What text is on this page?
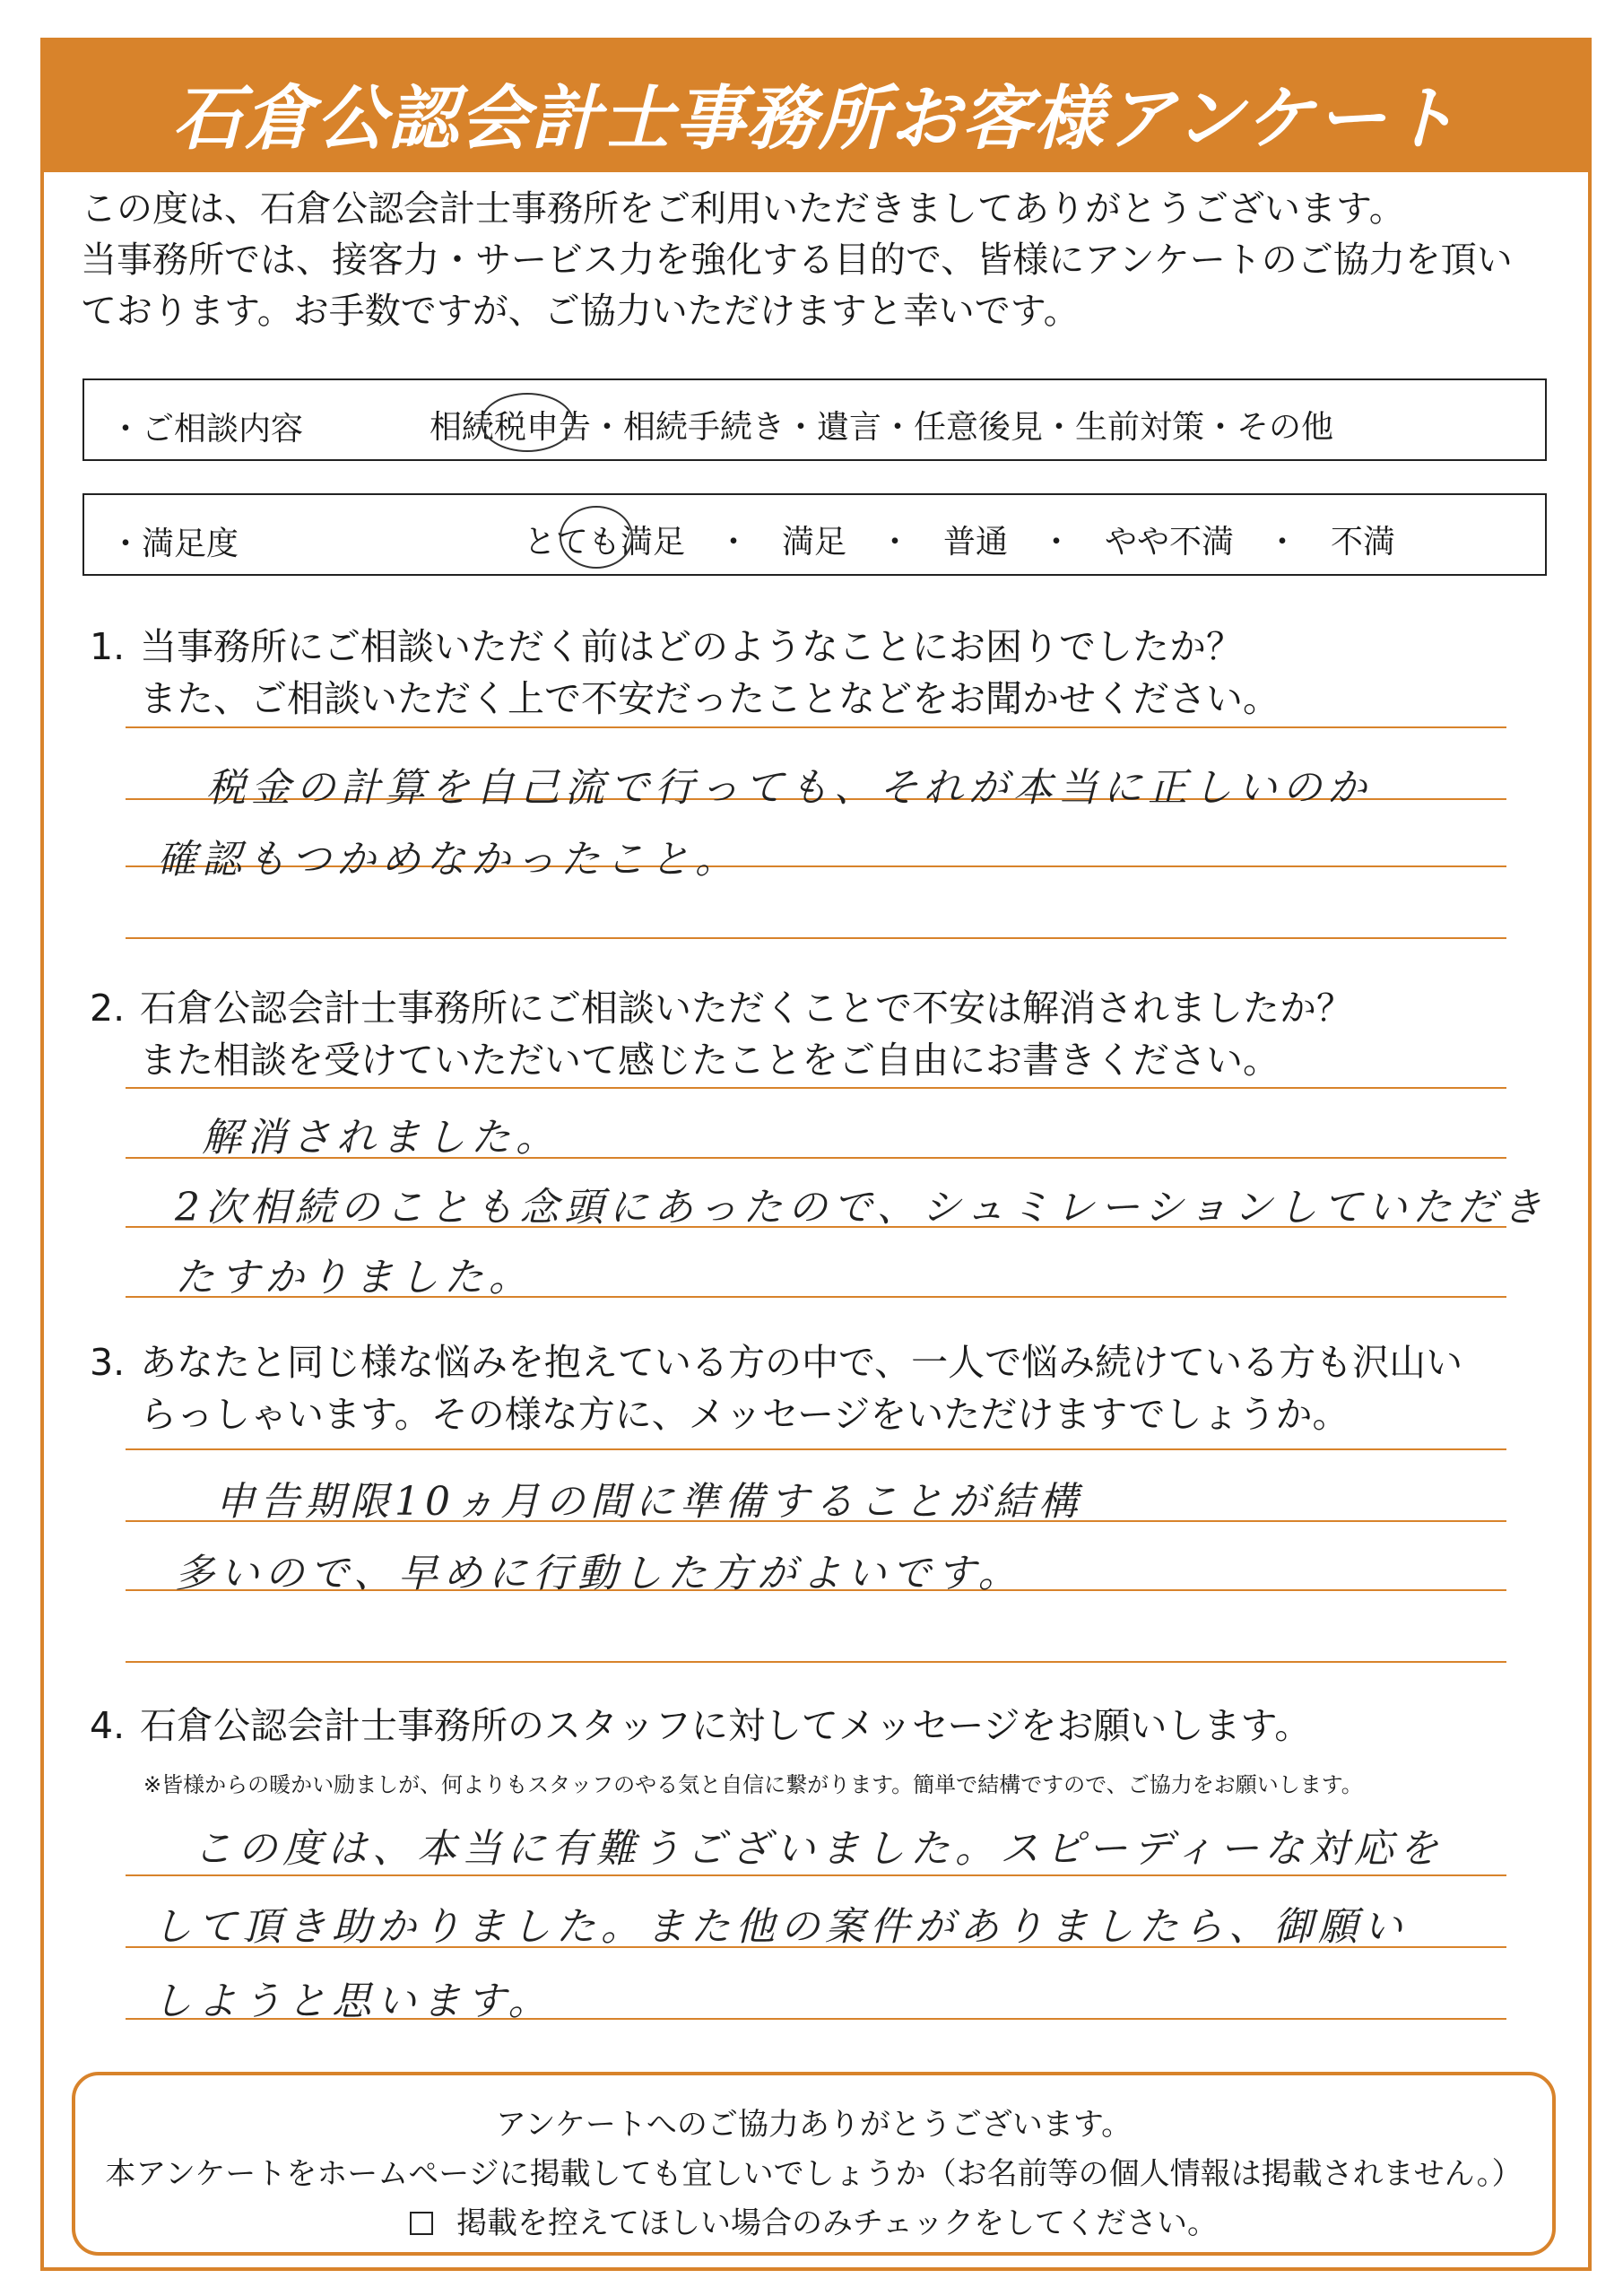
石倉公認会計士事務所お客様アンケート
この度は、石倉公認会計士事務所をご利用いただきましてありがとうございます。
当事務所では、接客力・サービス力を強化する目的で、皆様にアンケートのご協力を頂い
ております。お手数ですが、ご協力いただけますと幸いです。
・ご相談内容	相続税申告・相続手続き・遺言・任意後見・生前対策・その他
・満足度	とても満足　・　満足　・　普通　・　やや不満　・　不満
1. 当事務所にご相談いただく前はどのようなことにお困りでしたか？
また、ご相談いただく上で不安だったことなどをお聞かせください。
税金の計算を自己流で行っても、それが本当に正しいのか
確認もつかめなかったこと。
2. 石倉公認会計士事務所にご相談いただくことで不安は解消されましたか？
また相談を受けていただいて感じたことをご自由にお書きください。
解消されました。
2次相続のことも念頭にあったので、シュミレーションしていただき
たすかりました。
3. あなたと同じ様な悩みを抱えている方の中で、一人で悩み続けている方も沢山い
らっしゃいます。その様な方に、メッセージをいただけますでしょうか。
申告期限10ヵ月の間に準備することが結構
多いので、早めに行動した方がよいです。
4. 石倉公認会計士事務所のスタッフに対してメッセージをお願いします。
※皆様からの暖かい励ましが、何よりもスタッフのやる気と自信に繋がります。簡単で結構ですので、ご協力をお願いします。
この度は、本当に有難うございました。スピーディーな対応を
して頂き助かりました。また他の案件がありましたら、御願い
しようと思います。
アンケートへのご協力ありがとうございます。
本アンケートをホームページに掲載しても宜しいでしょうか（お名前等の個人情報は掲載されません。）
掲載を控えてほしい場合のみチェックをしてください。
